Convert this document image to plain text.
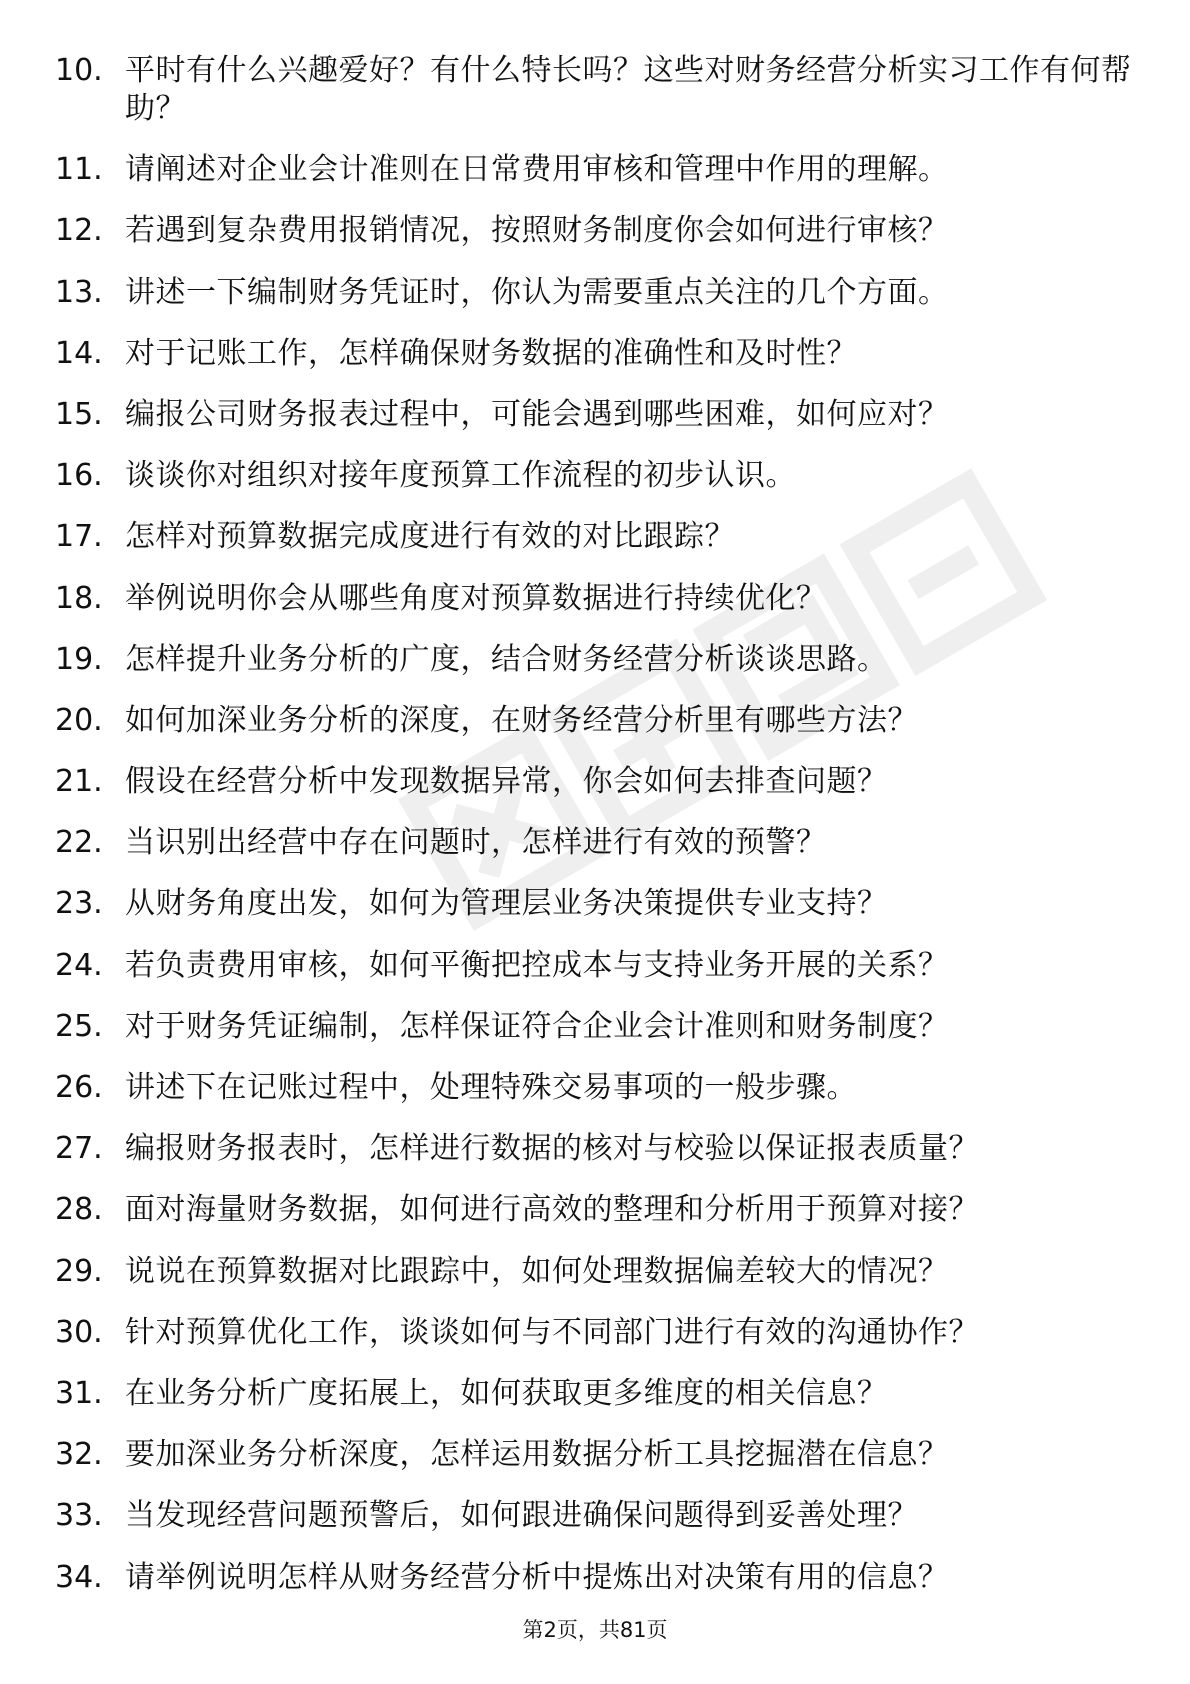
10. 平时有什么兴趣爱好？有什么特长吗？这些对财务经营分析实习工作有何帮助？
11. 请阐述对企业会计准则在日常费用审核和管理中作用的理解。
12. 若遇到复杂费用报销情况，按照财务制度你会如何进行审核？
13. 讲述一下编制财务凭证时，你认为需要重点关注的几个方面。
14. 对于记账工作，怎样确保财务数据的准确性和及时性？
15. 编报公司财务报表过程中，可能会遇到哪些困难，如何应对？
16. 谈谈你对组织对接年度预算工作流程的初步认识。
17. 怎样对预算数据完成度进行有效的对比跟踪？
18. 举例说明你会从哪些角度对预算数据进行持续优化？
19. 怎样提升业务分析的广度，结合财务经营分析谈谈思路。
20. 如何加深业务分析的深度，在财务经营分析里有哪些方法？
21. 假设在经营分析中发现数据异常，你会如何去排查问题？
22. 当识别出经营中存在问题时，怎样进行有效的预警？
23. 从财务角度出发，如何为管理层业务决策提供专业支持？
24. 若负责费用审核，如何平衡把控成本与支持业务开展的关系？
25. 对于财务凭证编制，怎样保证符合企业会计准则和财务制度？
26. 讲述下在记账过程中，处理特殊交易事项的一般步骤。
27. 编报财务报表时，怎样进行数据的核对与校验以保证报表质量？
28. 面对海量财务数据，如何进行高效的整理和分析用于预算对接？
29. 说说在预算数据对比跟踪中，如何处理数据偏差较大的情况？
30. 针对预算优化工作，谈谈如何与不同部门进行有效的沟通协作？
31. 在业务分析广度拓展上，如何获取更多维度的相关信息？
32. 要加深业务分析深度，怎样运用数据分析工具挖掘潜在信息？
33. 当发现经营问题预警后，如何跟进确保问题得到妥善处理？
34. 请举例说明怎样从财务经营分析中提炼出对决策有用的信息？
第2页，共81页
